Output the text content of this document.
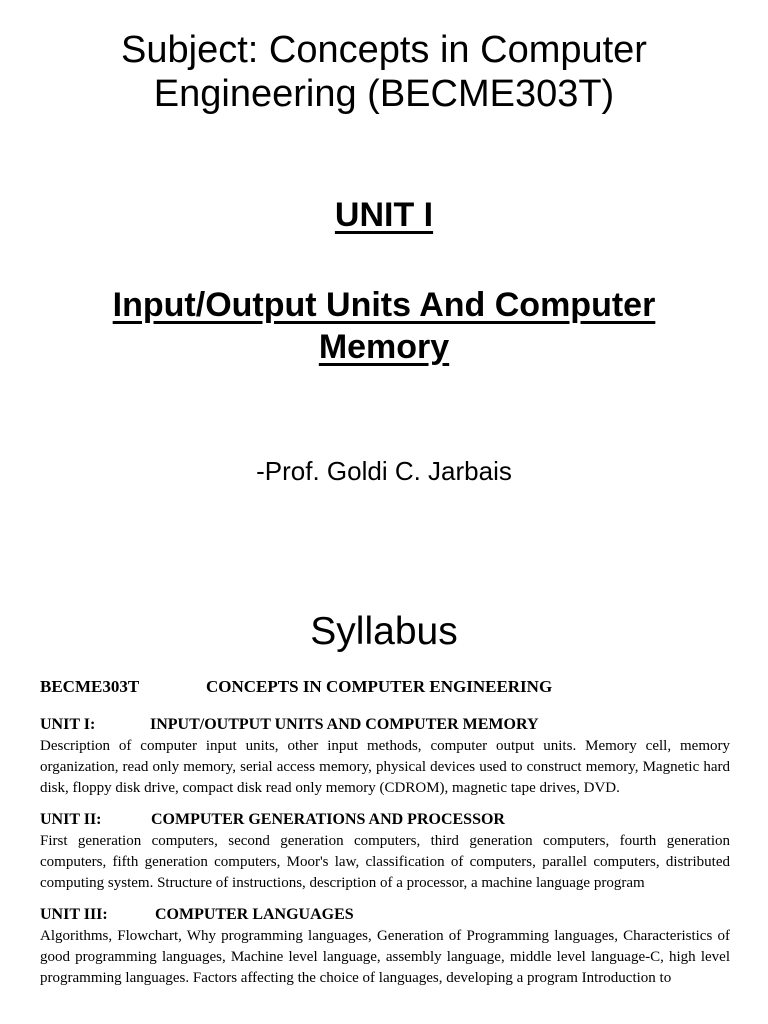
Subject: Concepts in Computer
Engineering (BECME303T)
UNIT I
Input/Output Units And Computer
Memory
-Prof. Goldi C. Jarbais
Syllabus
BECME303T	CONCEPTS IN COMPUTER ENGINEERING
UNIT I:	INPUT/OUTPUT UNITS AND COMPUTER MEMORY
Description of computer input units, other input methods, computer output units. Memory cell, memory organization, read only memory, serial access memory, physical devices used to construct memory, Magnetic hard disk, floppy disk drive, compact disk read only memory (CDROM), magnetic tape drives, DVD.
UNIT II:	COMPUTER GENERATIONS AND PROCESSOR
First generation computers, second generation computers, third generation computers, fourth generation computers, fifth generation computers, Moor's law, classification of computers, parallel computers, distributed computing system. Structure of instructions, description of a processor, a machine language program
UNIT III:	COMPUTER LANGUAGES
Algorithms, Flowchart, Why programming languages, Generation of Programming languages, Characteristics of good programming languages, Machine level language, assembly language, middle level language-C, high level programming languages. Factors affecting the choice of languages, developing a program Introduction to
